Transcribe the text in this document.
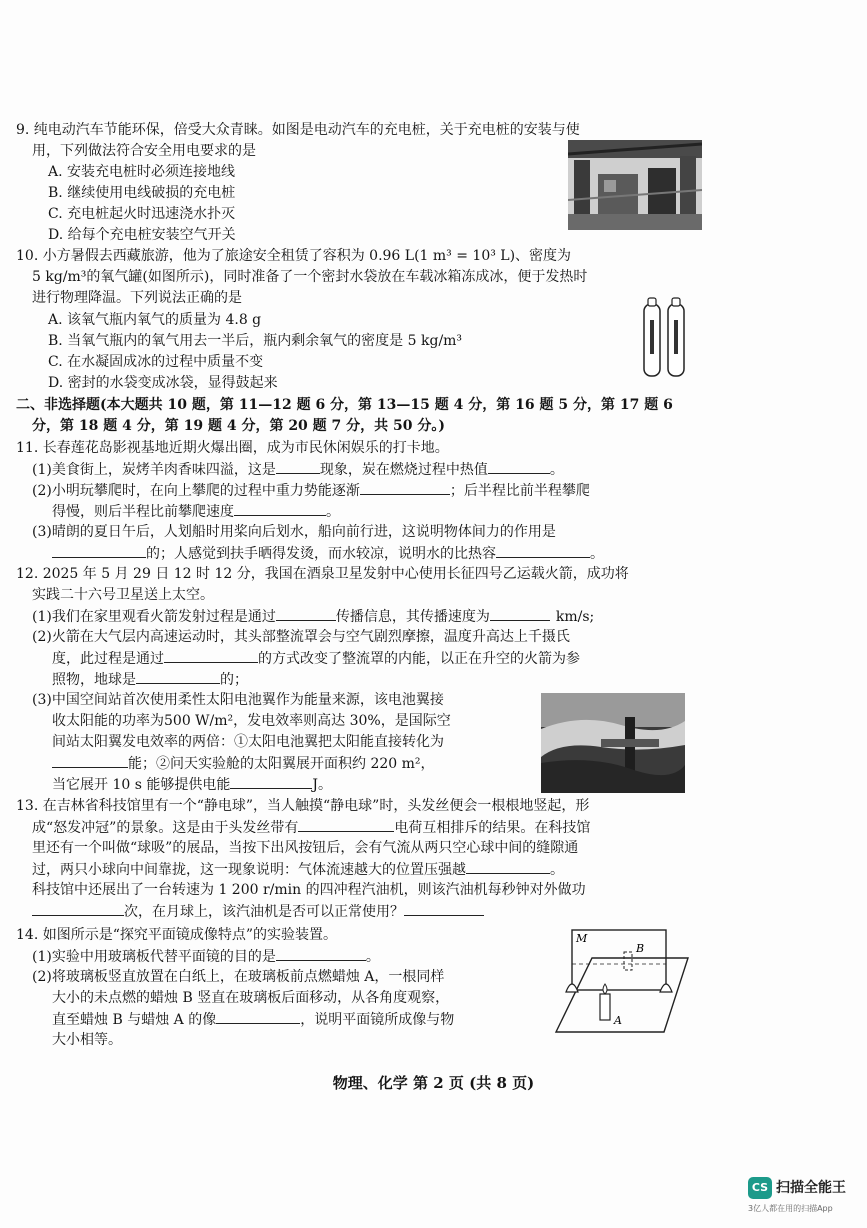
9. 纯电动汽车节能环保，倍受大众青睐。如图是电动汽车的充电桩，关于充电桩的安装与使
用，下列做法符合安全用电要求的是
A. 安装充电桩时必须连接地线
B. 继续使用电线破损的充电桩
C. 充电桩起火时迅速浇水扑灭
D. 给每个充电桩安装空气开关
10. 小方暑假去西藏旅游，他为了旅途安全租赁了容积为 0.96 L(1 m³ = 10³ L)、密度为
5 kg/m³的氧气罐(如图所示)，同时准备了一个密封水袋放在车载冰箱冻成冰，便于发热时
进行物理降温。下列说法正确的是
A. 该氧气瓶内氧气的质量为 4.8 g
B. 当氧气瓶内的氧气用去一半后，瓶内剩余氧气的密度是 5 kg/m³
C. 在水凝固成冰的过程中质量不变
D. 密封的水袋变成冰袋，显得鼓起来
二、非选择题(本大题共 10 题，第 11—12 题 6 分，第 13—15 题 4 分，第 16 题 5 分，第 17 题 6
分，第 18 题 4 分，第 19 题 4 分，第 20 题 7 分，共 50 分。)
11. 长春莲花岛影视基地近期火爆出圈，成为市民休闲娱乐的打卡地。
(1)美食街上，炭烤羊肉香味四溢，这是	现象，炭在燃烧过程中热值	。
(2)小明玩攀爬时，在向上攀爬的过程中重力势能逐渐	；后半程比前半程攀爬
得慢，则后半程比前攀爬速度	。
(3)晴朗的夏日午后，人划船时用桨向后划水，船向前行进，这说明物体间力的作用是
的；人感觉到扶手晒得发烫，而水较凉，说明水的比热容	。
12. 2025 年 5 月 29 日 12 时 12 分，我国在酒泉卫星发射中心使用长征四号乙运载火箭，成功将
实践二十六号卫星送上太空。
(1)我们在家里观看火箭发射过程是通过	传播信息，其传播速度为	km/s;
(2)火箭在大气层内高速运动时，其头部整流罩会与空气剧烈摩擦，温度升高达上千摄氏
度，此过程是通过	的方式改变了整流罩的内能，以正在升空的火箭为参
照物，地球是	的；
(3)中国空间站首次使用柔性太阳电池翼作为能量来源，该电池翼接
收太阳能的功率为500 W/m²，发电效率则高达 30%，是国际空
间站太阳翼发电效率的两倍：①太阳电池翼把太阳能直接转化为
能；②问天实验舱的太阳翼展开面积约 220 m²，
当它展开 10 s 能够提供电能	J。
13. 在吉林省科技馆里有一个“静电球”，当人触摸“静电球”时，头发丝便会一根根地竖起，形
成“怒发冲冠”的景象。这是由于头发丝带有	电荷互相排斥的结果。在科技馆
里还有一个叫做“球吸”的展品，当按下出风按钮后，会有气流从两只空心球中间的缝隙通
过，两只小球向中间靠拢，这一现象说明：气体流速越大的位置压强越	。
科技馆中还展出了一台转速为 1 200 r/min 的四冲程汽油机，则该汽油机每秒钟对外做功
次，在月球上，该汽油机是否可以正常使用？
14. 如图所示是“探究平面镜成像特点”的实验装置。
(1)实验中用玻璃板代替平面镜的目的是	。
(2)将玻璃板竖直放置在白纸上，在玻璃板前点燃蜡烛 A，一根同样
大小的未点燃的蜡烛 B 竖直在玻璃板后面移动，从各角度观察，
直至蜡烛 B 与蜡烛 A 的像	，说明平面镜所成像与物
大小相等。
M
B
A
物理、化学 第 2 页 (共 8 页)
CS 扫描全能王
3亿人都在用的扫描App
